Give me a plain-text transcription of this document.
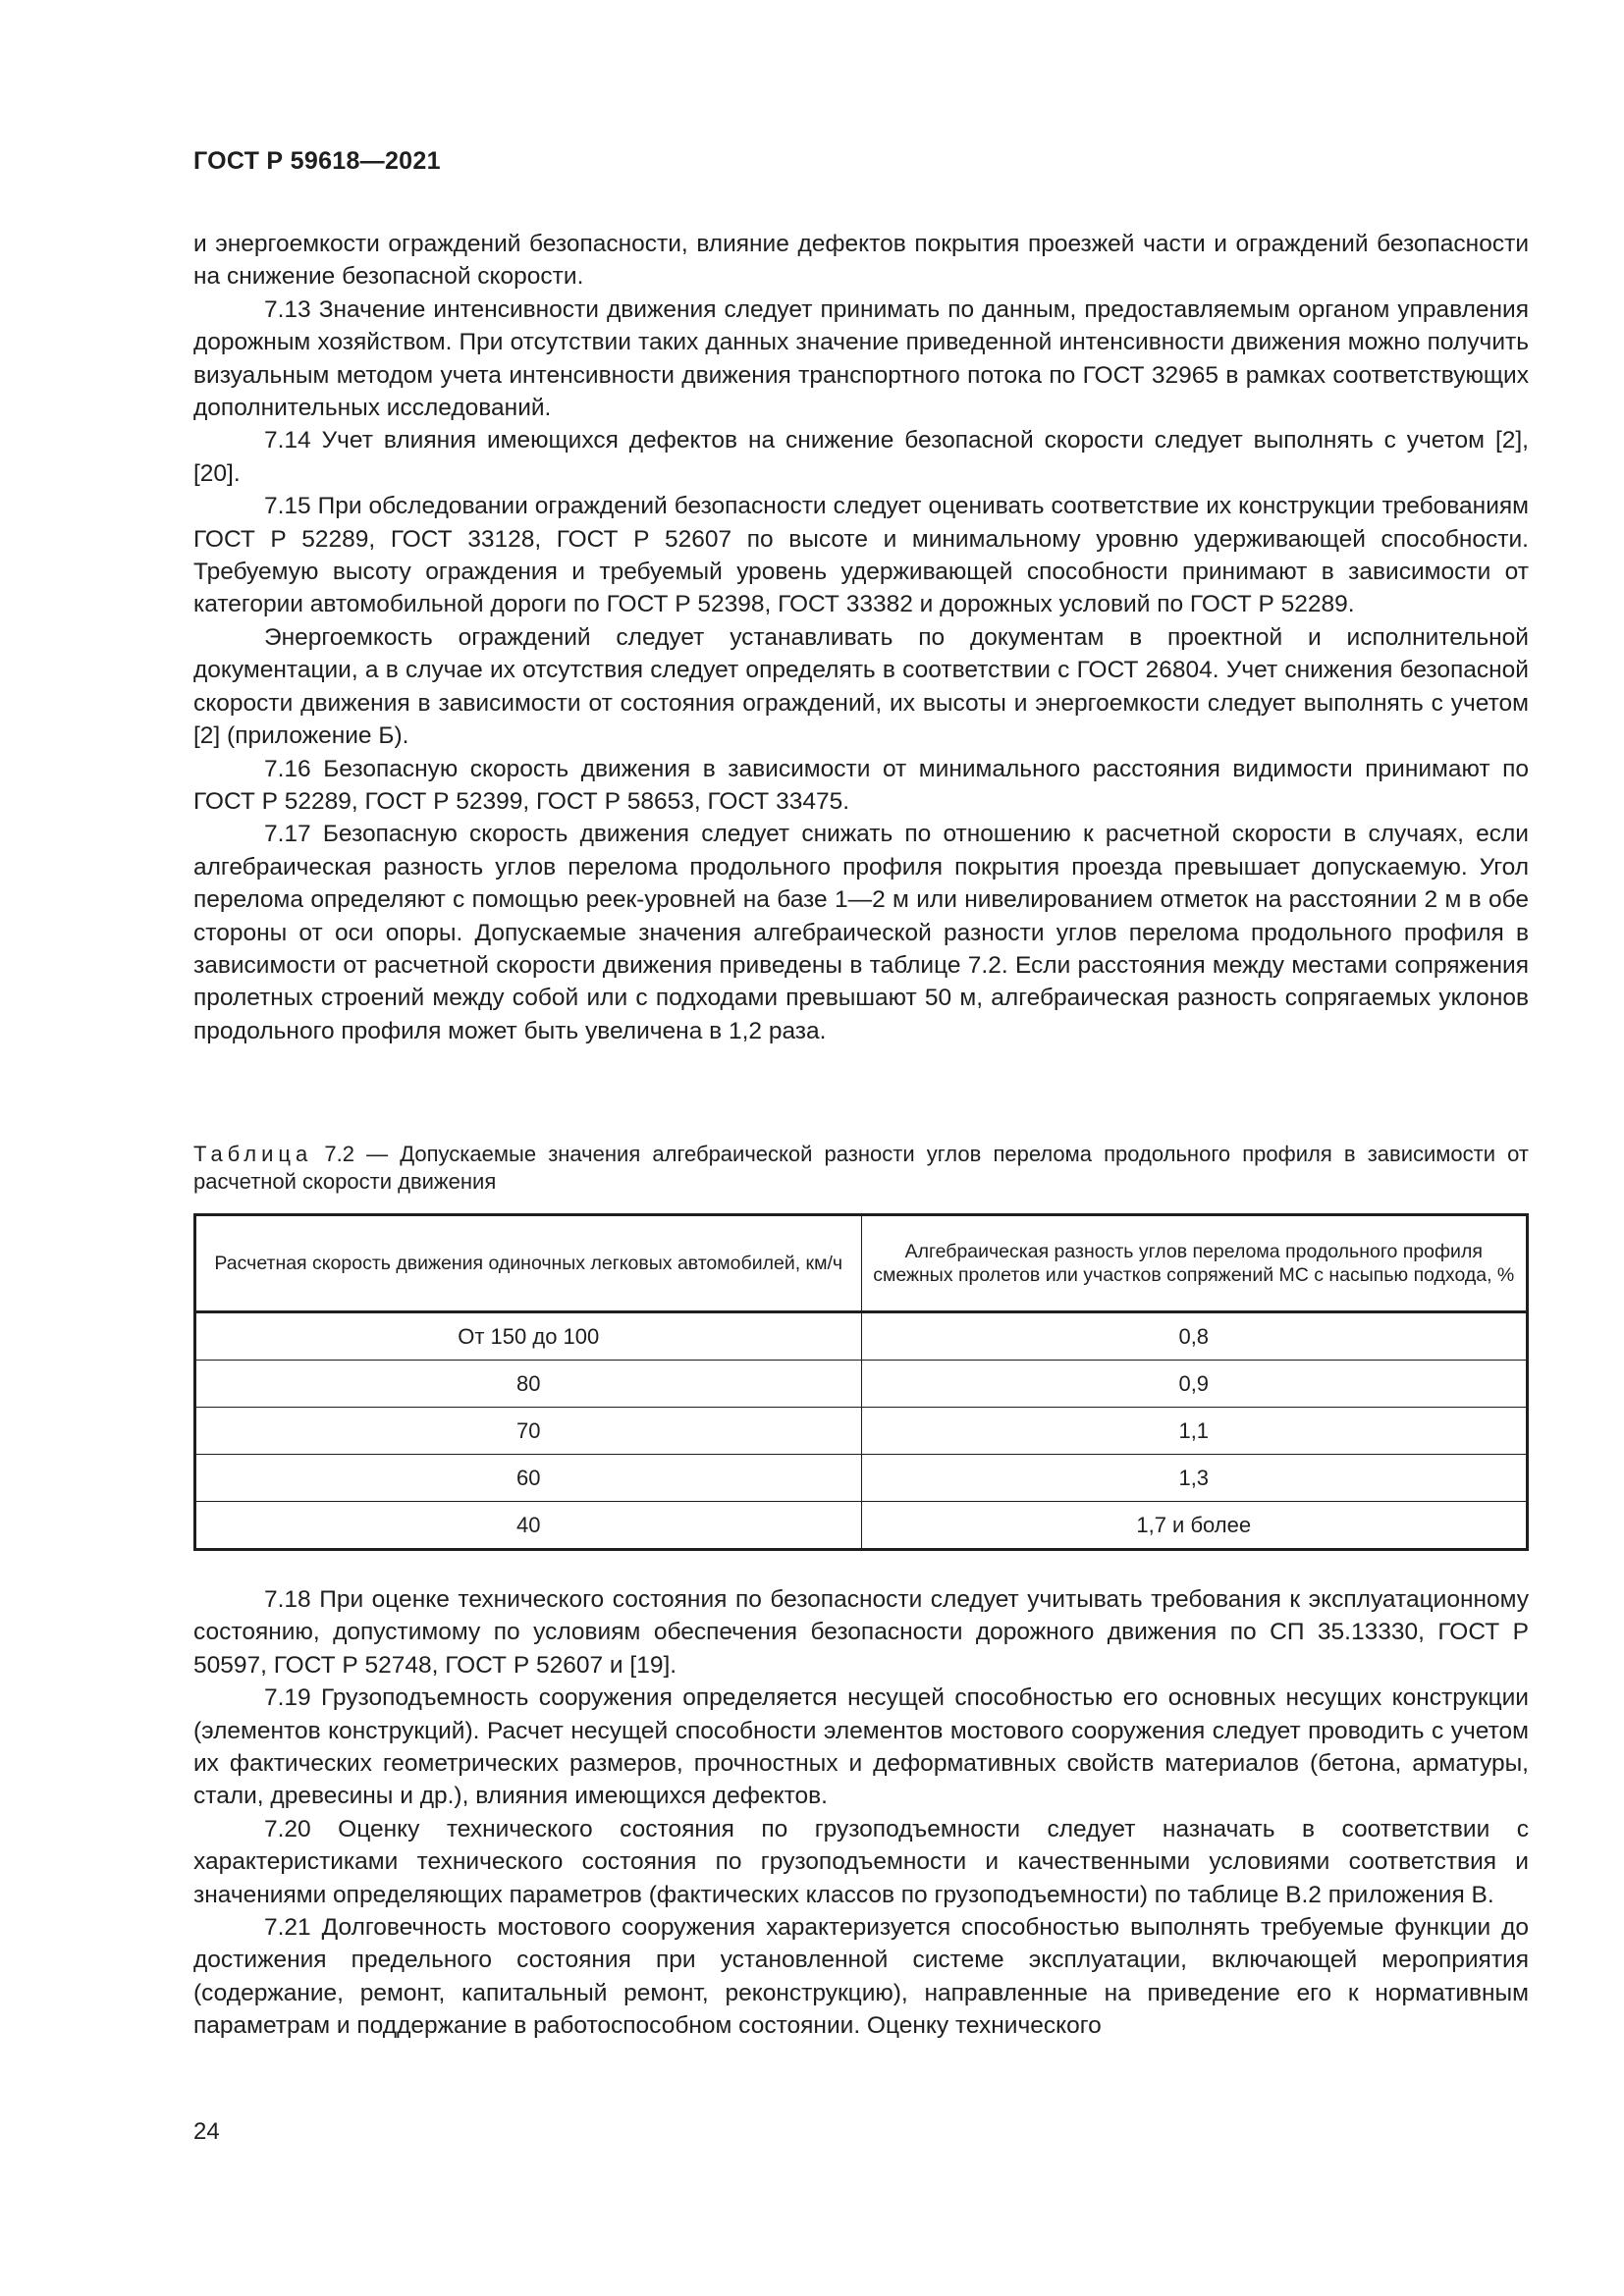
ГОСТ Р 59618—2021

и энергоемкости ограждений безопасности, влияние дефектов покрытия проезжей части и ограждений безопасности на снижение безопасной скорости.

7.13 Значение интенсивности движения следует принимать по данным, предоставляемым органом управления дорожным хозяйством. При отсутствии таких данных значение приведенной интенсивности движения можно получить визуальным методом учета интенсивности движения транспортного потока по ГОСТ 32965 в рамках соответствующих дополнительных исследований.

7.14 Учет влияния имеющихся дефектов на снижение безопасной скорости следует выполнять с учетом [2], [20].

7.15 При обследовании ограждений безопасности следует оценивать соответствие их конструкции требованиям ГОСТ Р 52289, ГОСТ 33128, ГОСТ Р 52607 по высоте и минимальному уровню удерживающей способности. Требуемую высоту ограждения и требуемый уровень удерживающей способности принимают в зависимости от категории автомобильной дороги по ГОСТ Р 52398, ГОСТ 33382 и дорожных условий по ГОСТ Р 52289.

Энергоемкость ограждений следует устанавливать по документам в проектной и исполнительной документации, а в случае их отсутствия следует определять в соответствии с ГОСТ 26804. Учет снижения безопасной скорости движения в зависимости от состояния ограждений, их высоты и энергоемкости следует выполнять с учетом [2] (приложение Б).

7.16 Безопасную скорость движения в зависимости от минимального расстояния видимости принимают по ГОСТ Р 52289, ГОСТ Р 52399, ГОСТ Р 58653, ГОСТ 33475.

7.17 Безопасную скорость движения следует снижать по отношению к расчетной скорости в случаях, если алгебраическая разность углов перелома продольного профиля покрытия проезда превышает допускаемую. Угол перелома определяют с помощью реек-уровней на базе 1—2 м или нивелированием отметок на расстоянии 2 м в обе стороны от оси опоры. Допускаемые значения алгебраической разности углов перелома продольного профиля в зависимости от расчетной скорости движения приведены в таблице 7.2. Если расстояния между местами сопряжения пролетных строений между собой или с подходами превышают 50 м, алгебраическая разность сопрягаемых уклонов продольного профиля может быть увеличена в 1,2 раза.

Таблица 7.2 — Допускаемые значения алгебраической разности углов перелома продольного профиля в зависимости от расчетной скорости движения
Расчетная скорость движения одиночных легковых автомобилей, км/ч	Алгебраическая разность углов перелома продольного профиля смежных пролетов или участков сопряжений МС с насыпью подхода, %
От 150 до 100	0,8
80	0,9
70	1,1
60	1,3
40	1,7 и более

7.18 При оценке технического состояния по безопасности следует учитывать требования к эксплуатационному состоянию, допустимому по условиям обеспечения безопасности дорожного движения по СП 35.13330, ГОСТ Р 50597, ГОСТ Р 52748, ГОСТ Р 52607 и [19].

7.19 Грузоподъемность сооружения определяется несущей способностью его основных несущих конструкции (элементов конструкций). Расчет несущей способности элементов мостового сооружения следует проводить с учетом их фактических геометрических размеров, прочностных и деформативных свойств материалов (бетона, арматуры, стали, древесины и др.), влияния имеющихся дефектов.

7.20 Оценку технического состояния по грузоподъемности следует назначать в соответствии с характеристиками технического состояния по грузоподъемности и качественными условиями соответствия и значениями определяющих параметров (фактических классов по грузоподъемности) по таблице В.2 приложения В.

7.21 Долговечность мостового сооружения характеризуется способностью выполнять требуемые функции до достижения предельного состояния при установленной системе эксплуатации, включающей мероприятия (содержание, ремонт, капитальный ремонт, реконструкцию), направленные на приведение его к нормативным параметрам и поддержание в работоспособном состоянии. Оценку технического

24
